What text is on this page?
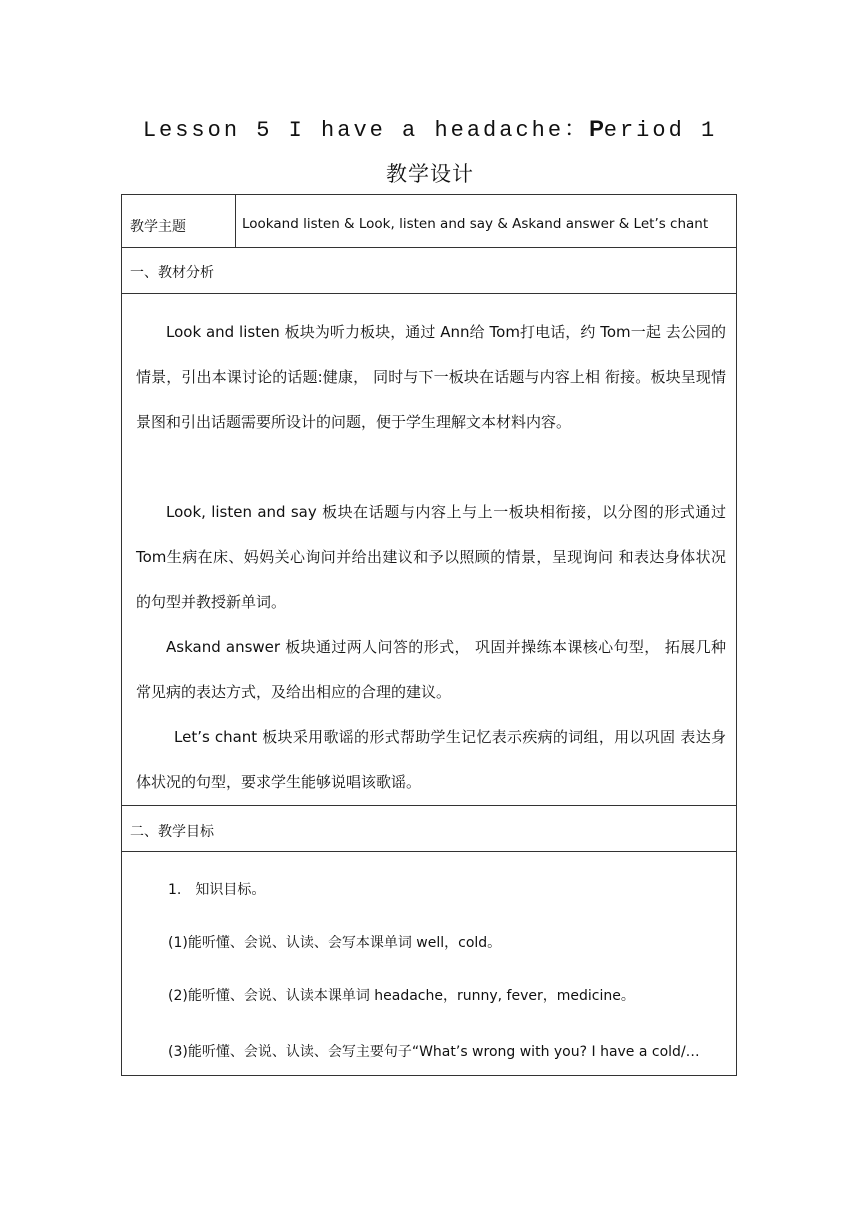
Lesson 5 I have a headache：Period 1
教学设计
教学主题	Lookand listen & Look, listen and say & Askand answer & Let’s chant
一、教材分析
Look and listen 板块为听力板块，通过 Ann给 Tom打电话，约 Tom一起 去公园的情景，引出本课讨论的话题:健康， 同时与下一板块在话题与内容上相 衔接。板块呈现情景图和引出话题需要所设计的问题，便于学生理解文本材料内容。
Look, listen and say 板块在话题与内容上与上一板块相衔接，以分图的形式通过 Tom生病在床、妈妈关心询问并给出建议和予以照顾的情景，呈现询问 和表达身体状况的句型并教授新单词。
Askand answer 板块通过两人问答的形式， 巩固并操练本课核心句型， 拓展几种常见病的表达方式，及给出相应的合理的建议。
Let’s chant 板块采用歌谣的形式帮助学生记忆表示疾病的词组，用以巩固 表达身体状况的句型，要求学生能够说唱该歌谣。
二、教学目标
1.　知识目标。
(1)能听懂、会说、认读、会写本课单词 well，cold。
(2)能听懂、会说、认读本课单词 headache，runny, fever，medicine。
(3)能听懂、会说、认读、会写主要句子“What’s wrong with you? I have a cold/…
